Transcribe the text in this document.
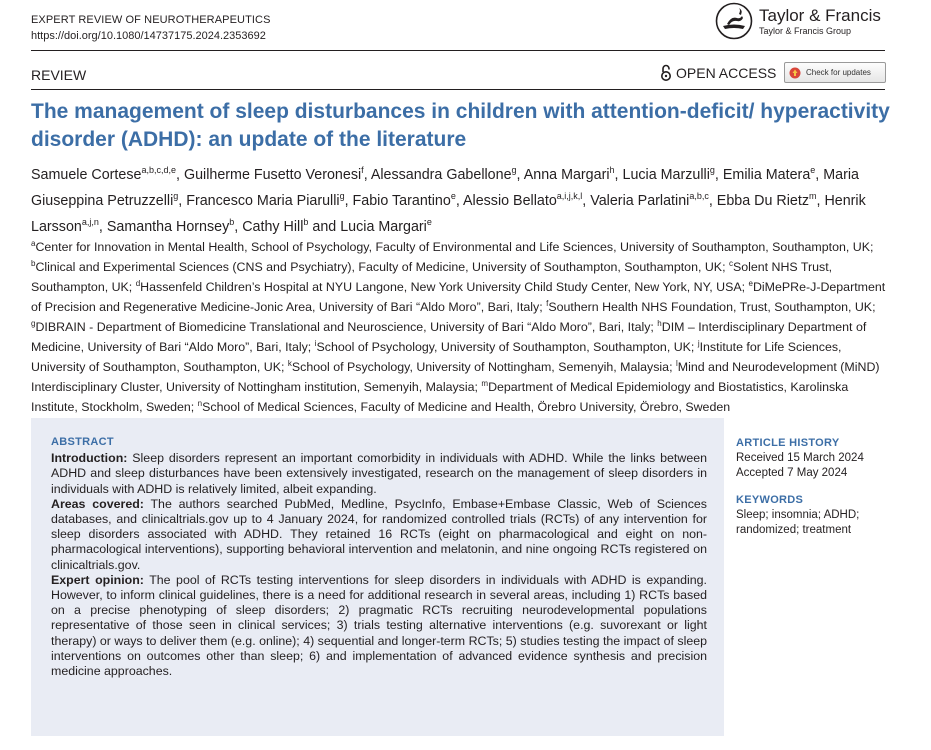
EXPERT REVIEW OF NEUROTHERAPEUTICS
https://doi.org/10.1080/14737175.2024.2353692
Taylor & Francis
Taylor & Francis Group
REVIEW	OPEN ACCESS	Check for updates
The management of sleep disturbances in children with attention-deficit/ hyperactivity disorder (ADHD): an update of the literature
Samuele Cortese$^{a,b,c,d,e}$, Guilherme Fusetto Veronesi$^f$, Alessandra Gabellone$^g$, Anna Margari$^h$, Lucia Marzulli$^g$, Emilia Matera$^e$, Maria Giuseppina Petruzzelli$^g$, Francesco Maria Piarulli$^g$, Fabio Tarantino$^e$, Alessio Bellato$^{a,i,j,k,l}$, Valeria Parlatini$^{a,b,c}$, Ebba Du Rietz$^m$, Henrik Larsson$^{a,j,n}$, Samantha Hornsey$^b$, Cathy Hill$^b$ and Lucia Margari$^e$
$^a$Center for Innovation in Mental Health, School of Psychology, Faculty of Environmental and Life Sciences, University of Southampton, Southampton, UK; $^b$Clinical and Experimental Sciences (CNS and Psychiatry), Faculty of Medicine, University of Southampton, Southampton, UK; $^c$Solent NHS Trust, Southampton, UK; $^d$Hassenfeld Children’s Hospital at NYU Langone, New York University Child Study Center, New York, NY, USA; $^e$DiMePRe-J-Department of Precision and Regenerative Medicine-Jonic Area, University of Bari “Aldo Moro”, Bari, Italy; $^f$Southern Health NHS Foundation, Trust, Southampton, UK; $^g$DIBRAIN - Department of Biomedicine Translational and Neuroscience, University of Bari “Aldo Moro”, Bari, Italy; $^h$DIM – Interdisciplinary Department of Medicine, University of Bari “Aldo Moro”, Bari, Italy; $^i$School of Psychology, University of Southampton, Southampton, UK; $^j$Institute for Life Sciences, University of Southampton, Southampton, UK; $^k$School of Psychology, University of Nottingham, Semenyih, Malaysia; $^l$Mind and Neurodevelopment (MiND) Interdisciplinary Cluster, University of Nottingham institution, Semenyih, Malaysia; $^m$Department of Medical Epidemiology and Biostatistics, Karolinska Institute, Stockholm, Sweden; $^n$School of Medical Sciences, Faculty of Medicine and Health, Örebro University, Örebro, Sweden
ABSTRACT
Introduction: Sleep disorders represent an important comorbidity in individuals with ADHD. While the links between ADHD and sleep disturbances have been extensively investigated, research on the management of sleep disorders in individuals with ADHD is relatively limited, albeit expanding.
Areas covered: The authors searched PubMed, Medline, PsycInfo, Embase+Embase Classic, Web of Sciences databases, and clinicaltrials.gov up to 4 January 2024, for randomized controlled trials (RCTs) of any intervention for sleep disorders associated with ADHD. They retained 16 RCTs (eight on pharmacological and eight on non-pharmacological interventions), supporting behavioral intervention and melatonin, and nine ongoing RCTs registered on clinicaltrials.gov.
Expert opinion: The pool of RCTs testing interventions for sleep disorders in individuals with ADHD is expanding. However, to inform clinical guidelines, there is a need for additional research in several areas, including 1) RCTs based on a precise phenotyping of sleep disorders; 2) pragmatic RCTs recruiting neurodevelopmental populations representative of those seen in clinical services; 3) trials testing alternative interventions (e.g. suvorexant or light therapy) or ways to deliver them (e.g. online); 4) sequential and longer-term RCTs; 5) studies testing the impact of sleep interventions on outcomes other than sleep; 6) and implementation of advanced evidence synthesis and precision medicine approaches.
ARTICLE HISTORY
Received 15 March 2024
Accepted 7 May 2024
KEYWORDS
Sleep; insomnia; ADHD; randomized; treatment
